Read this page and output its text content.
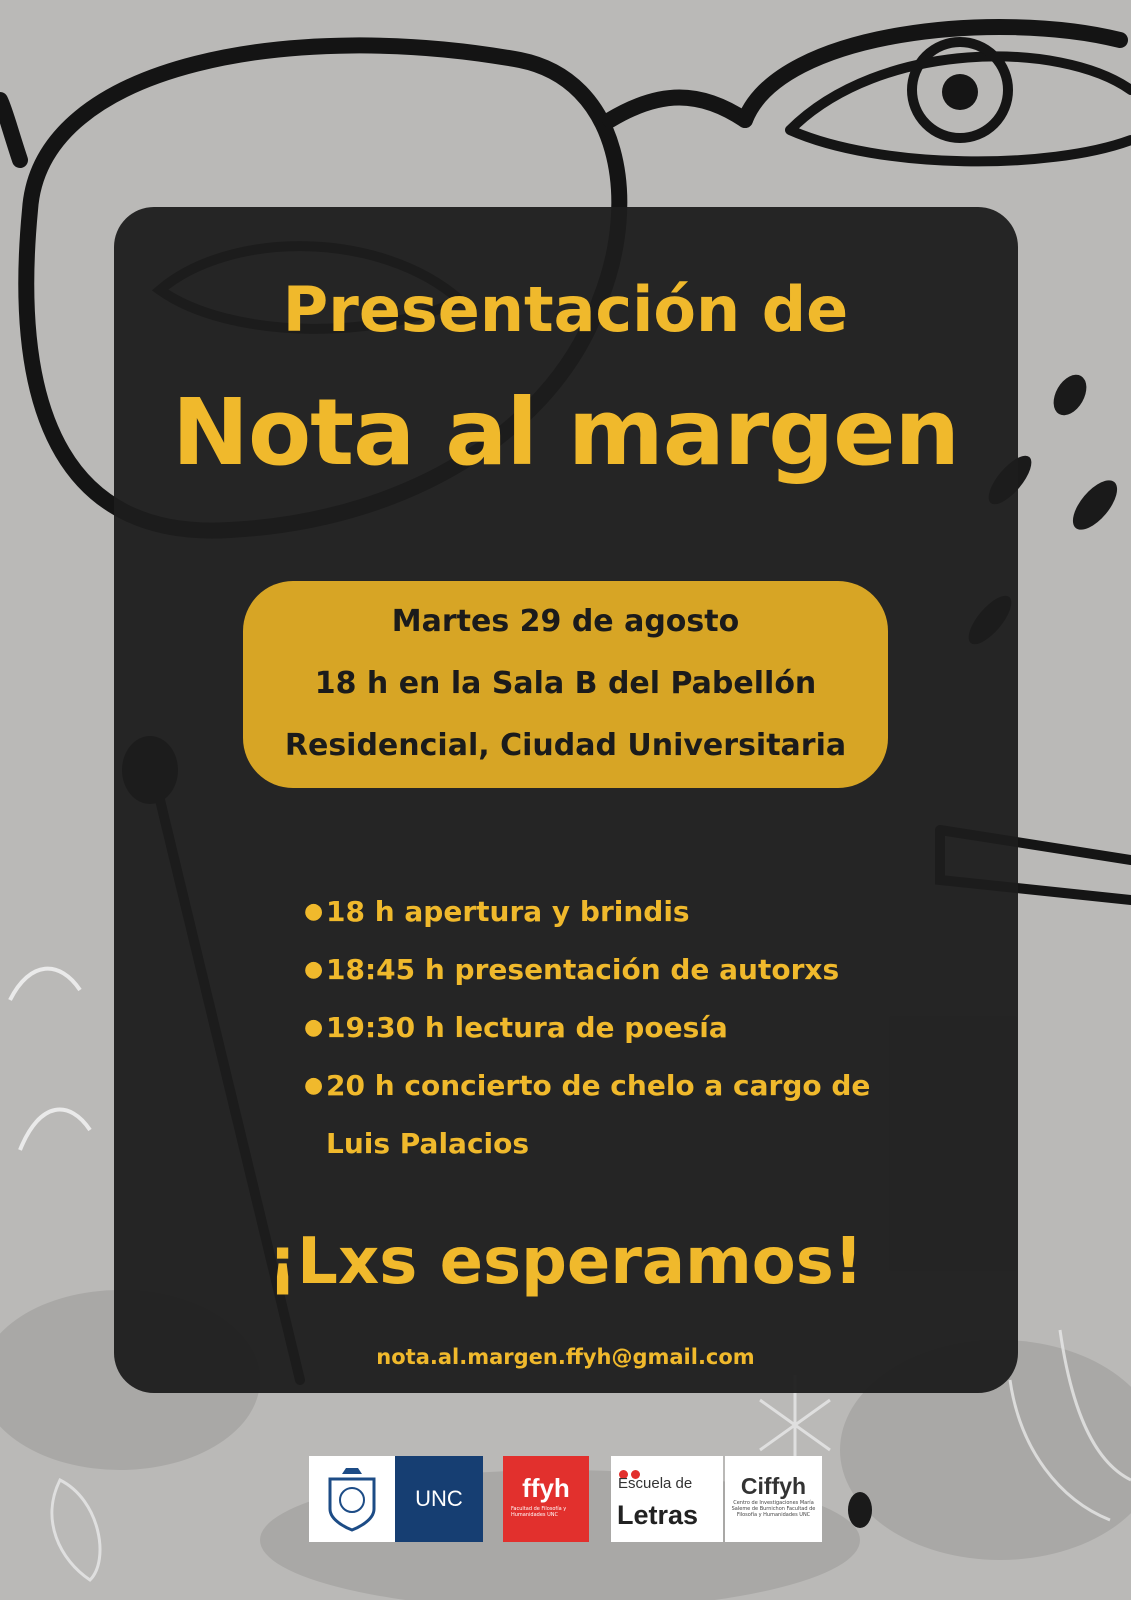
Presentación de
Nota al margen
Martes 29 de agosto
18 h en la Sala B del Pabellón
Residencial, Ciudad Universitaria
● 18 h apertura y brindis
● 18:45 h presentación de autorxs
● 19:30 h lectura de poesía
● 20 h concierto de chelo a cargo de
Luis Palacios
¡Lxs esperamos!
nota.al.margen.ffyh@gmail.com
UNC	ffyh
Facultad de Filosofía y Humanidades UNC
Escuela de
Letras
Ciffyh
Centro de Investigaciones María Saleme de Burnichon Facultad de Filosofía y Humanidades UNC
